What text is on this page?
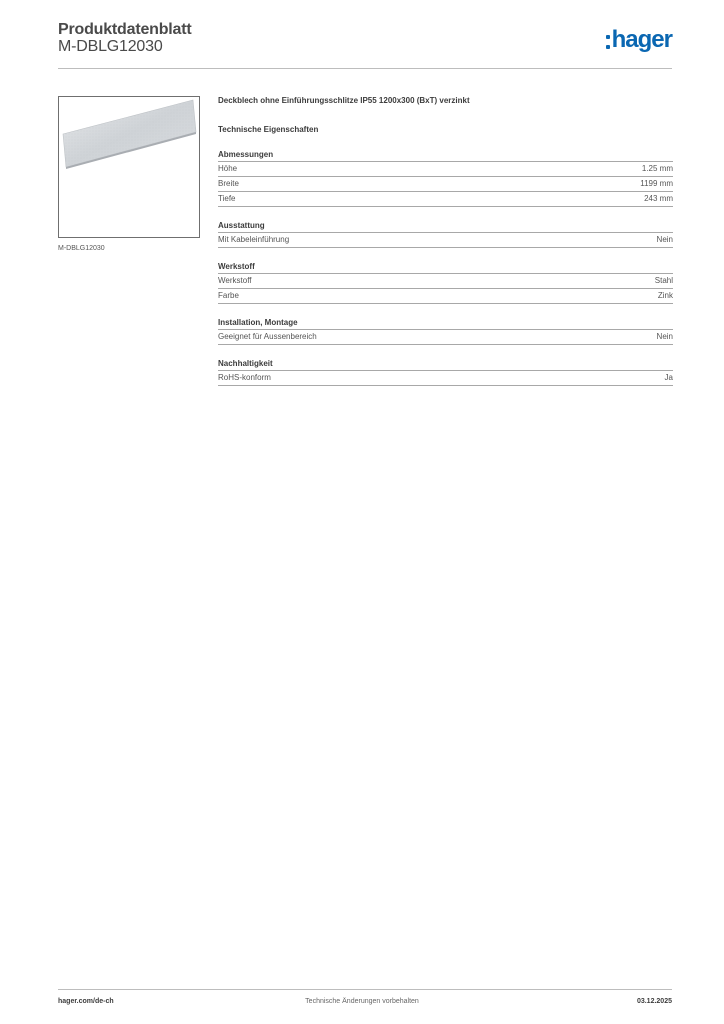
Produktdatenblatt
M-DBLG12030	hager
M-DBLG12030
Deckblech ohne Einführungsschlitze IP55 1200x300 (BxT) verzinkt
Technische Eigenschaften
Abmessungen
Höhe	1.25 mm
Breite	1199 mm
Tiefe	243 mm
Ausstattung
Mit Kabeleinführung	Nein
Werkstoff
Werkstoff	Stahl
Farbe	Zink
Installation, Montage
Geeignet für Aussenbereich	Nein
Nachhaltigkeit
RoHS-konform	Ja
hager.com/de-ch	Technische Änderungen vorbehalten	03.12.2025
